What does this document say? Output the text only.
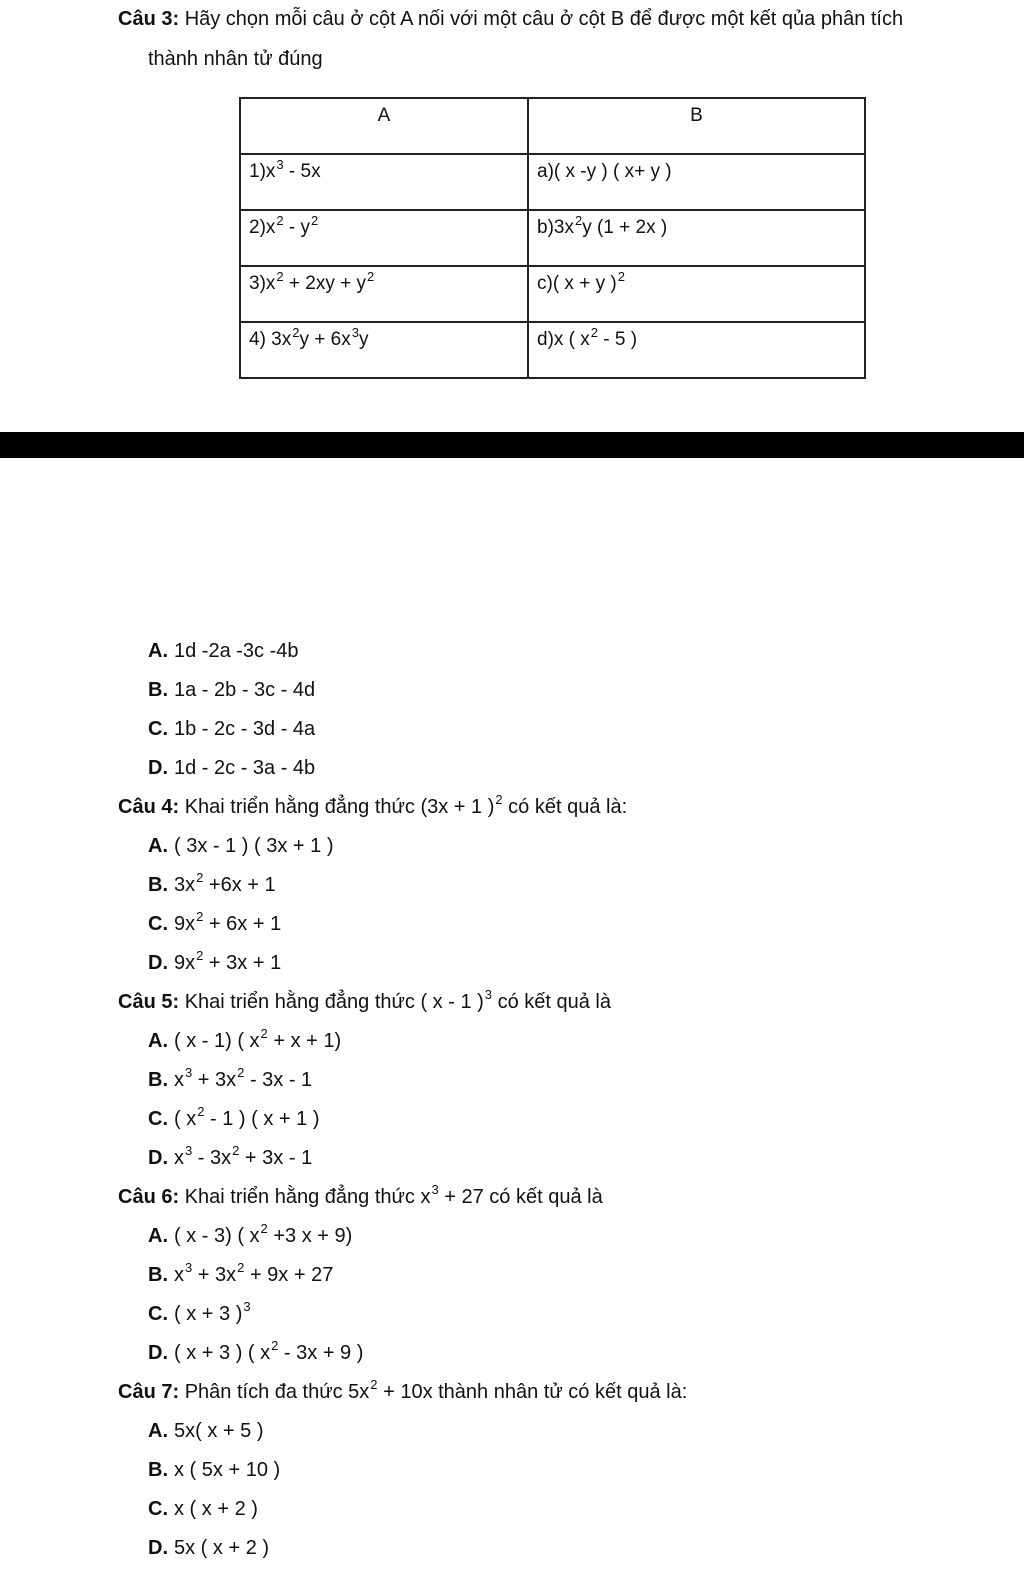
Câu 3: Hãy chọn mỗi câu ở cột A nối với một câu ở cột B để được một kết qủa phân tích
thành nhân tử đúng
A	B
$1)x^3 - 5x$	a)( x -y ) ( x+ y )
$2)x^2 - y^2$	$b)3x^2y$ (1 + 2x )
$3)x^2 + 2xy + y^2$	c)( x + y )$^2$
4) $3x^2y + 6x^3y$	d)x ( $x^2 - 5$ )
A. 1d -2a -3c -4b
B. 1a - 2b - 3c - 4d
C. 1b - 2c - 3d - 4a
D. 1d - 2c - 3a - 4b
Câu 4: Khai triển hằng đẳng thức (3x + 1 )$^2$ có kết quả là:
A. ( 3x - 1 ) ( 3x + 1 )
B. $3x^2 +6x + 1$
C. $9x^2 + 6x + 1$
D. $9x^2 + 3x + 1$
Câu 5: Khai triển hằng đẳng thức ( x - 1 )$^3$ có kết quả là
A. ( x - 1) ( $x^2 + x + 1$)
B. $x^3 + 3x^2 - 3x - 1$
C. ( $x^2 - 1$ ) ( x + 1 )
D. $x^3 - 3x^2 + 3x - 1$
Câu 6: Khai triển hằng đẳng thức $x^3 + 27$ có kết quả là
A. ( x - 3) ( $x^2 +3$ x + 9)
B. $x^3 + 3x^2 + 9x + 27$
C. ( x + 3 )$^3$
D. ( x + 3 ) ( $x^2 - 3x + 9$ )
Câu 7: Phân tích đa thức $5x^2 + 10x$ thành nhân tử có kết quả là:
A. 5x( x + 5 )
B. x ( 5x + 10 )
C. x ( x + 2 )
D. 5x ( x + 2 )
